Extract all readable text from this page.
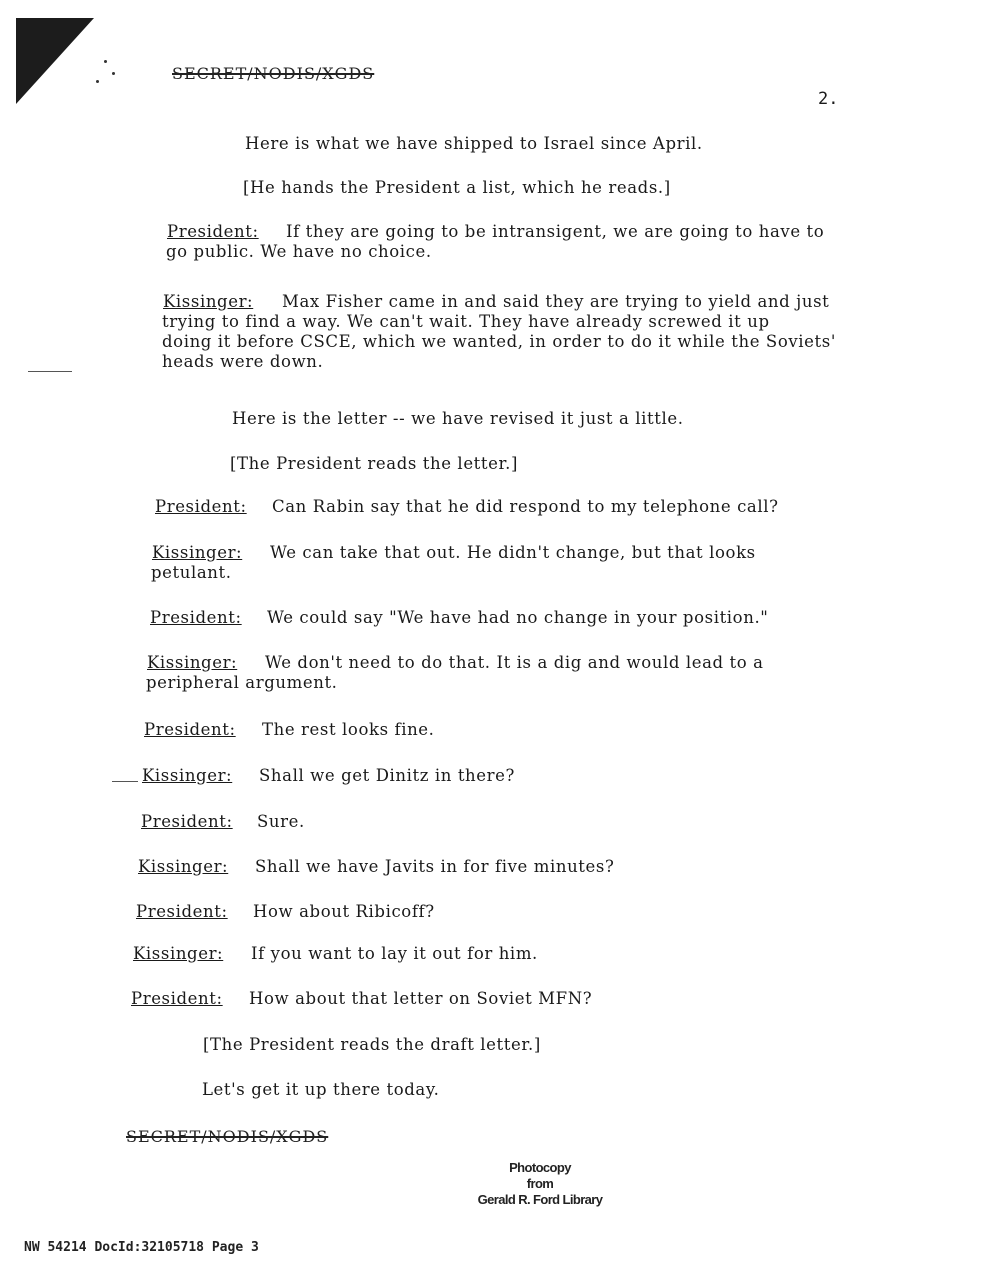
SECRET/NODIS/XGDS
2.
Here is what we have shipped to Israel since April.
[He hands the President a list, which he reads.]
President: If they are going to be intransigent, we are going to have to
go public. We have no choice.
Kissinger: Max Fisher came in and said they are trying to yield and just
trying to find a way. We can't wait. They have already screwed it up
doing it before CSCE, which we wanted, in order to do it while the Soviets'
heads were down.
Here is the letter -- we have revised it just a little.
[The President reads the letter.]
President: Can Rabin say that he did respond to my telephone call?
Kissinger: We can take that out. He didn't change, but that looks
petulant.
President: We could say "We have had no change in your position."
Kissinger: We don't need to do that. It is a dig and would lead to a
peripheral argument.
President: The rest looks fine.
Kissinger: Shall we get Dinitz in there?
President: Sure.
Kissinger: Shall we have Javits in for five minutes?
President: How about Ribicoff?
Kissinger: If you want to lay it out for him.
President: How about that letter on Soviet MFN?
[The President reads the draft letter.]
Let's get it up there today.
SECRET/NODIS/XGDS
Photocopy
from
Gerald R. Ford Library
NW 54214 DocId:32105718 Page 3
